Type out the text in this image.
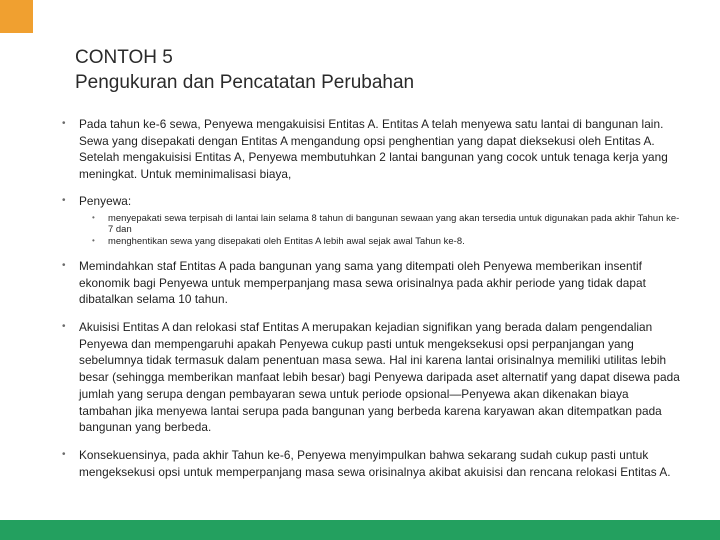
CONTOH 5
Pengukuran dan Pencatatan Perubahan
• Pada tahun ke-6 sewa, Penyewa mengakuisisi Entitas A. Entitas A telah menyewa satu lantai di bangunan lain. Sewa yang disepakati dengan Entitas A mengandung opsi penghentian yang dapat dieksekusi oleh Entitas A. Setelah mengakuisisi Entitas A, Penyewa membutuhkan 2 lantai bangunan yang cocok untuk tenaga kerja yang meningkat. Untuk meminimalisasi biaya,
• Penyewa:
• menyepakati sewa terpisah di lantai lain selama 8 tahun di bangunan sewaan yang akan tersedia untuk digunakan pada akhir Tahun ke-7 dan
• menghentikan sewa yang disepakati oleh Entitas A lebih awal sejak awal Tahun ke-8.
• Memindahkan staf Entitas A pada bangunan yang sama yang ditempati oleh Penyewa memberikan insentif ekonomik bagi Penyewa untuk memperpanjang masa sewa orisinalnya pada akhir periode yang tidak dapat dibatalkan selama 10 tahun.
• Akuisisi Entitas A dan relokasi staf Entitas A merupakan kejadian signifikan yang berada dalam pengendalian Penyewa dan mempengaruhi apakah Penyewa cukup pasti untuk mengeksekusi opsi perpanjangan yang sebelumnya tidak termasuk dalam penentuan masa sewa. Hal ini karena lantai orisinalnya memiliki utilitas lebih besar (sehingga memberikan manfaat lebih besar) bagi Penyewa daripada aset alternatif yang dapat disewa pada jumlah yang serupa dengan pembayaran sewa untuk periode opsional—Penyewa akan dikenakan biaya tambahan jika menyewa lantai serupa pada bangunan yang berbeda karena karyawan akan ditempatkan pada bangunan yang berbeda.
• Konsekuensinya, pada akhir Tahun ke-6, Penyewa menyimpulkan bahwa sekarang sudah cukup pasti untuk mengeksekusi opsi untuk memperpanjang masa sewa orisinalnya akibat akuisisi dan rencana relokasi Entitas A.
